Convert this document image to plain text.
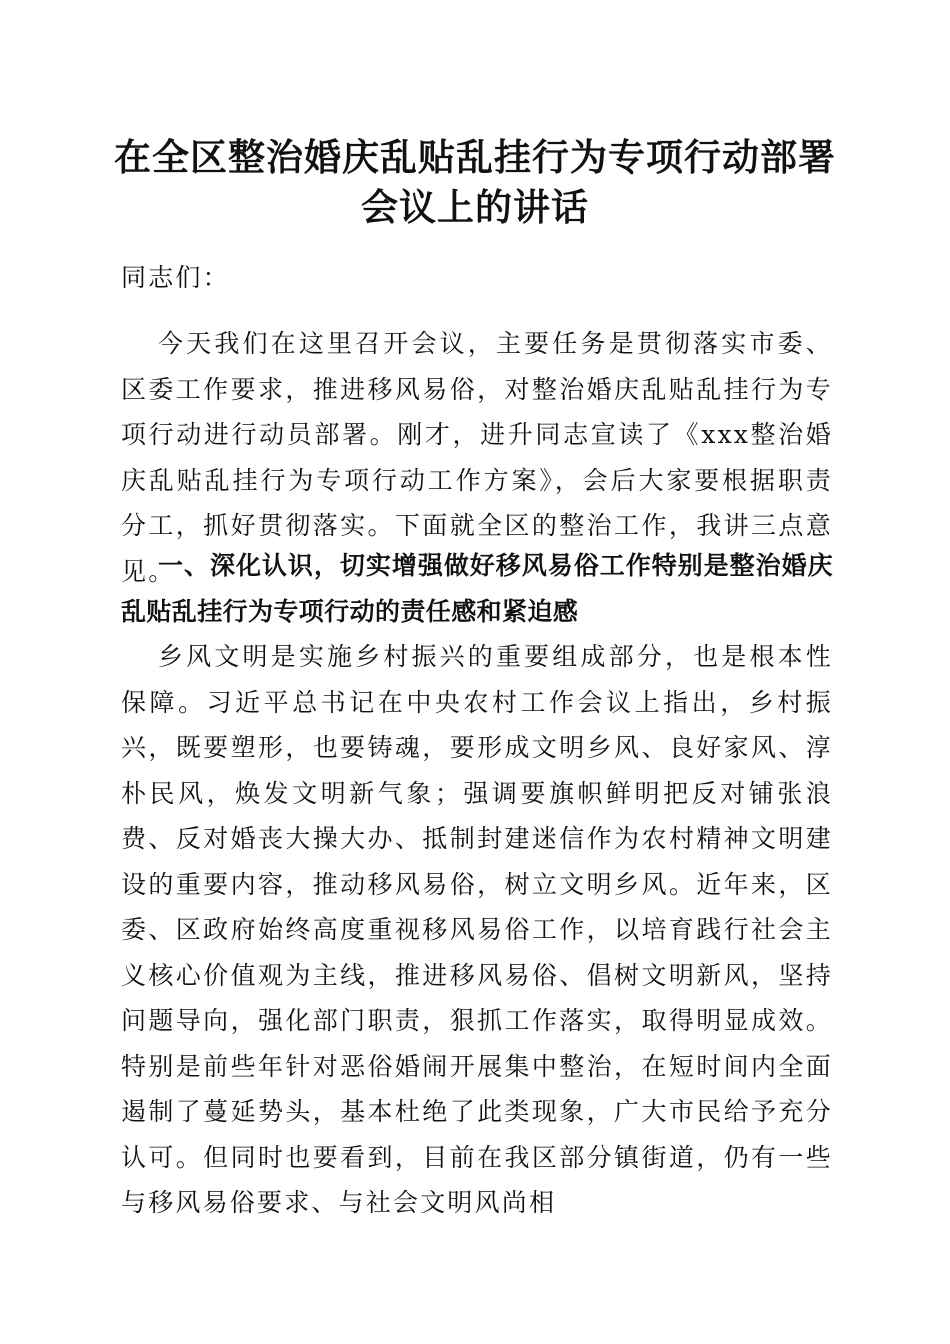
在全区整治婚庆乱贴乱挂行为专项行动部署会议上的讲话

同志们：

今天我们在这里召开会议，主要任务是贯彻落实市委、区委工作要求，推进移风易俗，对整治婚庆乱贴乱挂行为专项行动进行动员部署。刚才，进升同志宣读了《xxx整治婚庆乱贴乱挂行为专项行动工作方案》，会后大家要根据职责分工，抓好贯彻落实。下面就全区的整治工作，我讲三点意见。

一、深化认识，切实增强做好移风易俗工作特别是整治婚庆乱贴乱挂行为专项行动的责任感和紧迫感

乡风文明是实施乡村振兴的重要组成部分，也是根本性保障。习近平总书记在中央农村工作会议上指出，乡村振兴，既要塑形，也要铸魂，要形成文明乡风、良好家风、淳朴民风，焕发文明新气象；强调要旗帜鲜明把反对铺张浪费、反对婚丧大操大办、抵制封建迷信作为农村精神文明建设的重要内容，推动移风易俗，树立文明乡风。近年来，区委、区政府始终高度重视移风易俗工作，以培育践行社会主义核心价值观为主线，推进移风易俗、倡树文明新风，坚持问题导向，强化部门职责，狠抓工作落实，取得明显成效。特别是前些年针对恶俗婚闹开展集中整治，在短时间内全面遏制了蔓延势头，基本杜绝了此类现象，广大市民给予充分认可。但同时也要看到，目前在我区部分镇街道，仍有一些与移风易俗要求、与社会文明风尚相
